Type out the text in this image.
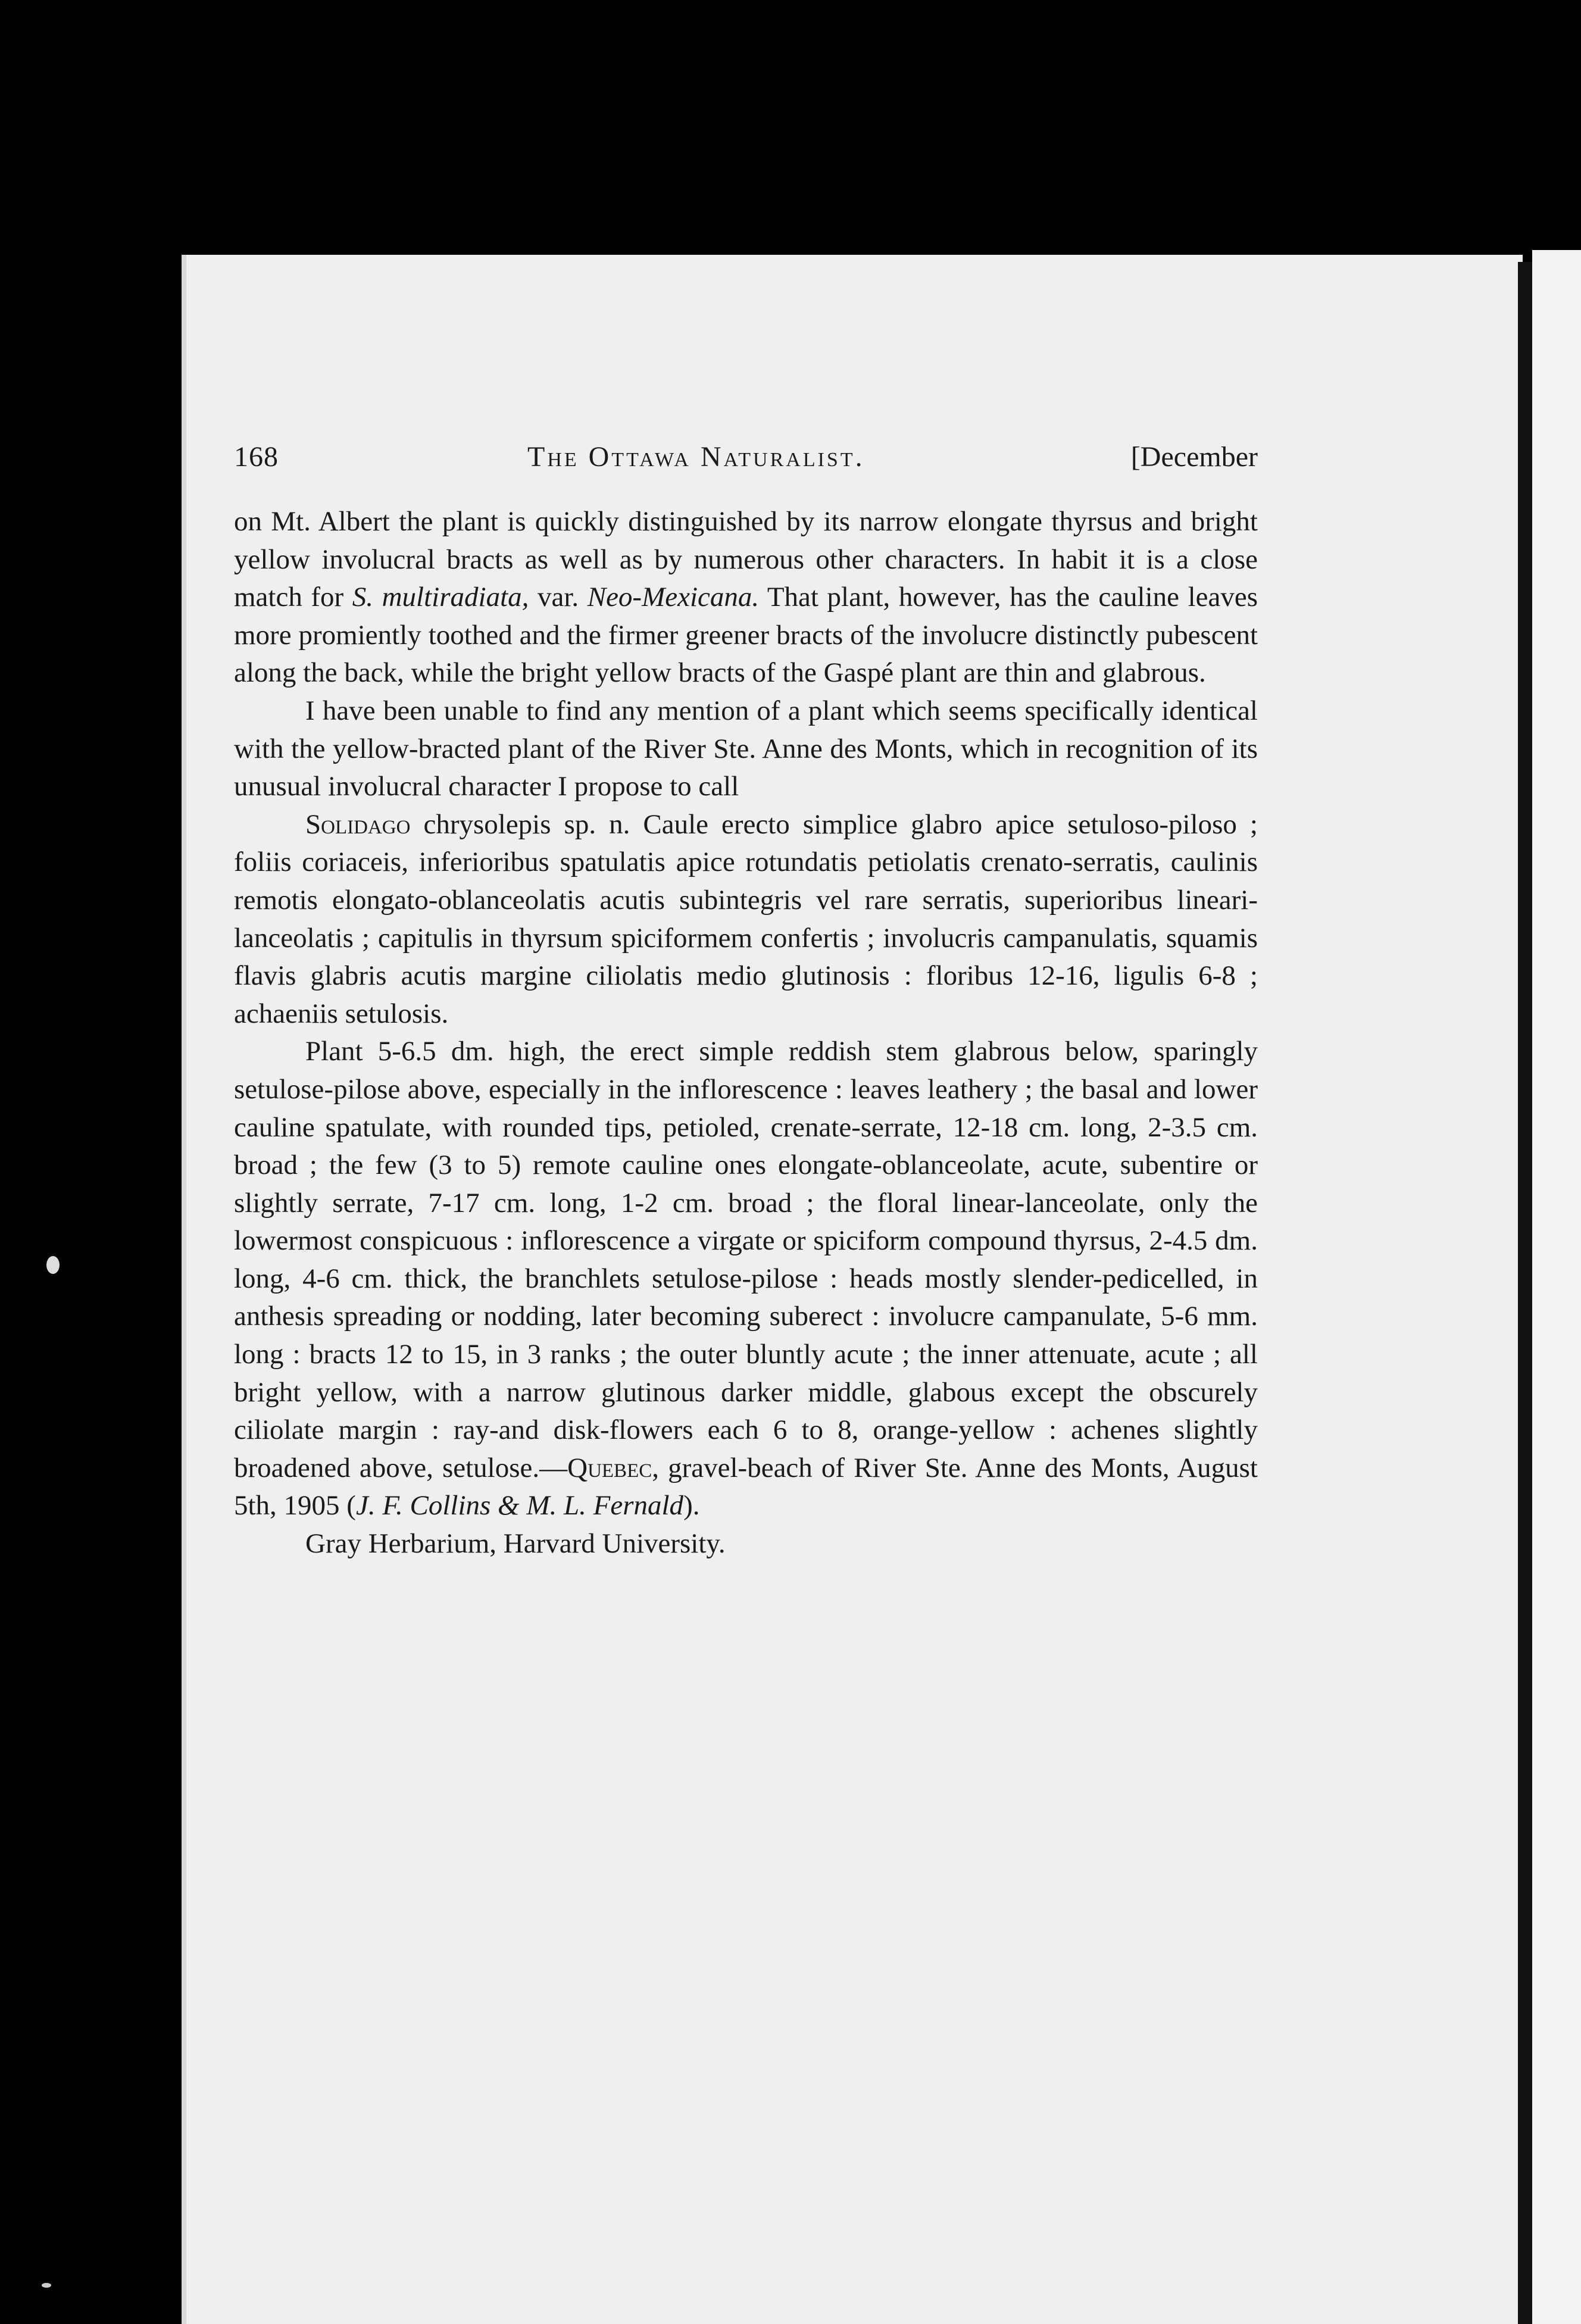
168	The Ottawa Naturalist.	[December

on Mt. Albert the plant is quickly distinguished by its narrow elongate thyrsus and bright yellow involucral bracts as well as by numerous other characters. In habit it is a close match for S. multiradiata, var. Neo-Mexicana. That plant, however, has the cauline leaves more promiently toothed and the firmer greener bracts of the involucre distinctly pubescent along the back, while the bright yellow bracts of the Gaspé plant are thin and glabrous.

I have been unable to find any mention of a plant which seems specifically identical with the yellow-bracted plant of the River Ste. Anne des Monts, which in recognition of its unusual involucral character I propose to call

Solidago chrysolepis sp. n. Caule erecto simplice glabro apice setuloso-piloso ; foliis coriaceis, inferioribus spatulatis apice rotundatis petiolatis crenato-serratis, caulinis remotis elongato-oblanceolatis acutis subintegris vel rare serratis, superioribus lineari-lanceolatis ; capitulis in thyrsum spiciformem confertis ; involucris campanulatis, squamis flavis glabris acutis margine ciliolatis medio glutinosis : floribus 12-16, ligulis 6-8 ; achaeniis setulosis.

Plant 5-6.5 dm. high, the erect simple reddish stem glabrous below, sparingly setulose-pilose above, especially in the inflorescence : leaves leathery ; the basal and lower cauline spatulate, with rounded tips, petioled, crenate-serrate, 12-18 cm. long, 2-3.5 cm. broad ; the few (3 to 5) remote cauline ones elongate-oblanceolate, acute, subentire or slightly serrate, 7-17 cm. long, 1-2 cm. broad ; the floral linear-lanceolate, only the lowermost conspicuous : inflorescence a virgate or spiciform compound thyrsus, 2-4.5 dm. long, 4-6 cm. thick, the branchlets setulose-pilose : heads mostly slender-pedicelled, in anthesis spreading or nodding, later becoming suberect : involucre campanulate, 5-6 mm. long : bracts 12 to 15, in 3 ranks ; the outer bluntly acute ; the inner attenuate, acute ; all bright yellow, with a narrow glutinous darker middle, glabous except the obscurely ciliolate margin : ray-and disk-flowers each 6 to 8, orange-yellow : achenes slightly broadened above, setulose.—Quebec, gravel-beach of River Ste. Anne des Monts, August 5th, 1905 (J. F. Collins & M. L. Fernald).

Gray Herbarium, Harvard University.
